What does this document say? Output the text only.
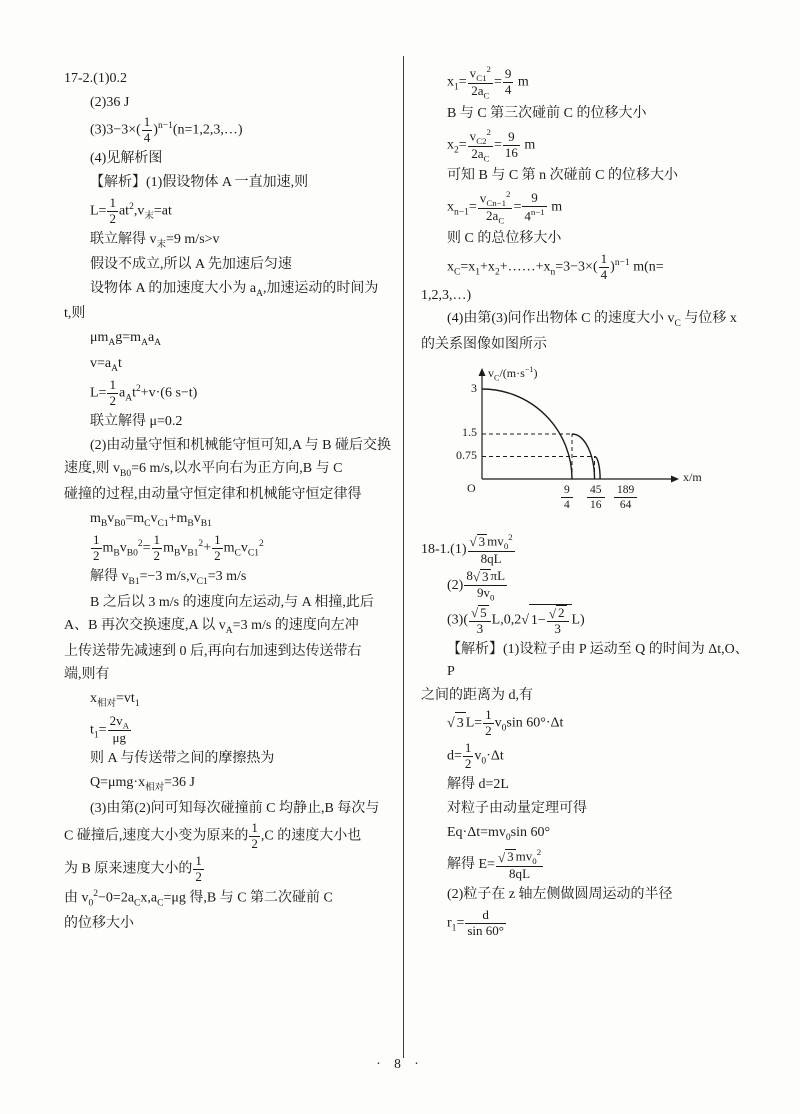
17-2.(1)0.2
(2)36 J
$(3)3-3\times( \frac{1}{4}$ )$^{n-1}(n=1,2,3,\dots)$
(4)见解析图
【解析】(1)假设物体 A 一直加速,则
$L= \frac{1}{2} at^2,v_末=at$
联立解得 $v_末=9$ m/s>v
假设不成立,所以 A 先加速后匀速
设物体 A 的加速度大小为 $a_A$,加速运动的时间为
t,则
$\mu m_Ag=m_Aa_A$
$v=a_At$
$L= \frac{1}{2} a_At^2+v\cdot(6$ s−t)
联立解得 μ=0.2
(2)由动量守恒和机械能守恒可知,A 与 B 碰后交换
速度,则 $v_{B0}=6$ m/s,以水平向右为正方向,B 与 C
碰撞的过程,由动量守恒定律和机械能守恒定律得
$m_Bv_{B0}=m_Cv_{C1}+m_Bv_{B1}$
$\frac{1}{2} m_Bv_{B0}^2= \frac{1}{2} m_Bv_{B1}^2+ \frac{1}{2} m_Cv_{C1}^2$
解得 $v_{B1}=-3$ $m/s,v_{C1}=3$ m/s
B 之后以 3 m/s 的速度向左运动,与 A 相撞,此后
A、B 再次交换速度,A 以 $v_A=3$ m/s 的速度向左冲
上传送带先减速到 0 后,再向右加速到达传送带右
端,则有
$x_{相对}=vt_1$
$t_1= \frac{2v_A}{\mu g}$
则 A 与传送带之间的摩擦热为
$Q=\mu mg\cdot x_{相对}=36$ J
(3)由第(2)问可知每次碰撞前 C 均静止,B 每次与
C 碰撞后,速度大小变为原来的 $\frac{1}{2} ,C$ 的速度大小也
为 B 原来速度大小的 $\frac{1}{2}$
由 $v_0^2-0=2a_Cx,a_C=\mu g$ 得,B 与 C 第二次碰前 C
的位移大小
$x_1= \frac{v_{C1}^2}{2a_C} = \frac{9}{4}$ m
B 与 C 第三次碰前 C 的位移大小
$x_2= \frac{v_{C2}^2}{2a_C} = \frac{9}{16}$ m
可知 B 与 C 第 n 次碰前 C 的位移大小
$x_{n-1}= \frac{v_{Cn-1}^2}{2a_C} = \frac{9}{4^{n-1}}$ m
则 C 的总位移大小
$x_C=x_1+x_2+\dots\dots+x_n=3-3\times( \frac{1}{4} )^{n-1}$ m(n=
1,2,3,…)
(4)由第(3)问作出物体 C 的速度大小 $v_C$ 与位移 x
的关系图像如图所示
$v_C/(m\cdot s^{-1})$
x/m
O
3
1.5
0.75
$\frac{9}{4} \frac{45}{16} \frac{189}{64}$
$18-1.(1) \frac{√ 3 mv_0^2}{8qL}$
$(2) \frac{8 √ 3 \pi L}{9v_0}$
$(3)( \frac{√ 5}{3} L,0,2$ √ $1- \frac{√ 2}{3} L$)
【解析】(1)设粒子由 P 运动至 Q 的时间为 Δt,O、P
之间的距离为 d,有
√ 3 $L= \frac{1}{2} v_0\sin$ 60°·Δt
$d= \frac{1}{2} v_0\cdot\Delta t$
解得 d=2L
对粒子由动量定理可得
$Eq\cdot\Delta t=mv_0\sin$ 60°
解得 $E= \frac{√ 3 mv_0^2}{8qL}$
(2)粒子在 z 轴左侧做圆周运动的半径
$r_1= \frac{d}{\sin 60^\circ}$
· 8 ·
